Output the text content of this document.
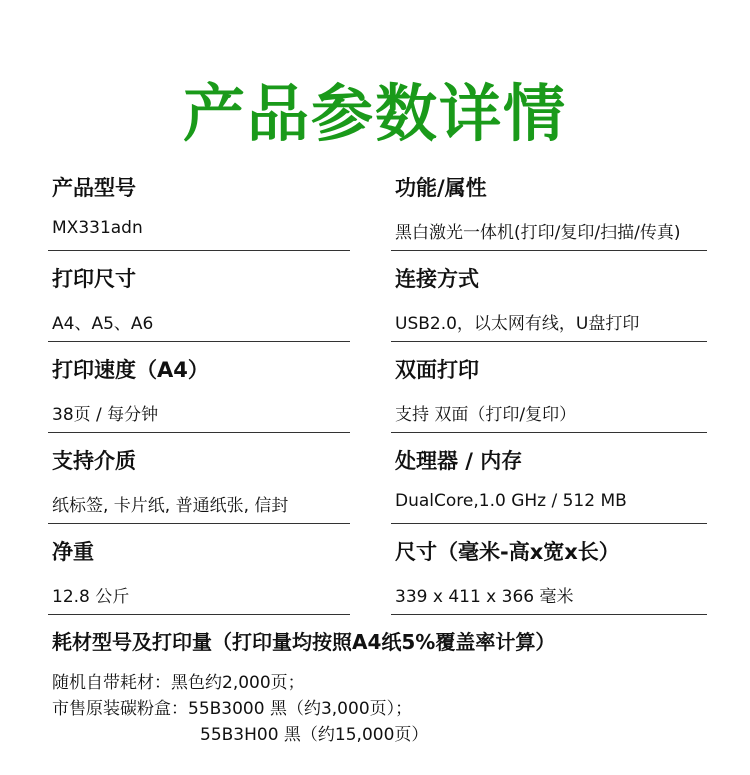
产品参数详情
产品型号
MX331adn
功能/属性
黑白激光一体机(打印/复印/扫描/传真)
打印尺寸
A4、A5、A6
连接方式
USB2.0，以太网有线，U盘打印
打印速度（A4）
38页 / 每分钟
双面打印
支持 双面（打印/复印）
支持介质
纸标签, 卡片纸, 普通纸张, 信封
处理器 / 内存
DualCore,1.0 GHz / 512 MB
净重
12.8 公斤
尺寸（毫米-高x宽x长）
339 x 411 x 366 毫米
耗材型号及打印量（打印量均按照A4纸5%覆盖率计算）
随机自带耗材：黑色约2,000页；
市售原装碳粉盒：55B3000 黑（约3,000页）；
55B3H00 黑（约15,000页）
